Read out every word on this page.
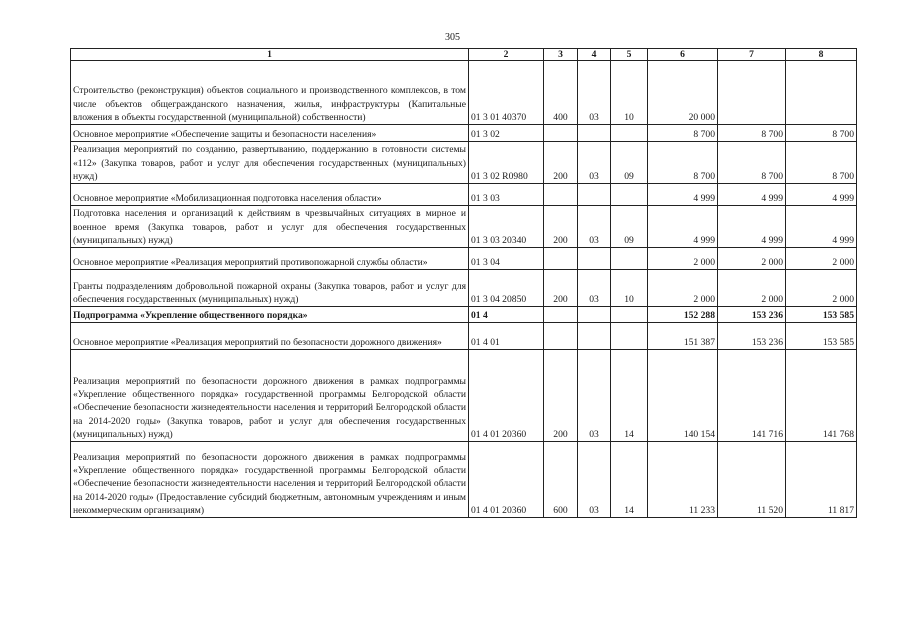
305
1	2	3	4	5	6	7	8
Строительство (реконструкция) объектов социального и производственного комплексов, в том числе объектов общегражданского назначения, жилья, инфраструктуры (Капитальные вложения в объекты государственной (муниципальной) собственности)	01 3 01 40370	400	03	10	20 000		
Основное мероприятие «Обеспечение защиты и безопасности населения»	01 3 02				8 700	8 700	8 700
Реализация мероприятий по созданию, развертыванию, поддержанию в готовности системы «112» (Закупка товаров, работ и услуг для обеспечения государственных (муниципальных) нужд)	01 3 02 R0980	200	03	09	8 700	8 700	8 700
Основное мероприятие «Мобилизационная подготовка населения области»	01 3 03				4 999	4 999	4 999
Подготовка населения и организаций к действиям в чрезвычайных ситуациях в мирное и военное время (Закупка товаров, работ и услуг для обеспечения государственных (муниципальных) нужд)	01 3 03 20340	200	03	09	4 999	4 999	4 999
Основное мероприятие «Реализация мероприятий противопожарной службы области»	01 3 04				2 000	2 000	2 000
Гранты подразделениям добровольной пожарной охраны (Закупка товаров, работ и услуг для обеспечения государственных (муниципальных) нужд)	01 3 04 20850	200	03	10	2 000	2 000	2 000
Подпрограмма «Укрепление общественного порядка»	01 4				152 288	153 236	153 585
Основное мероприятие «Реализация мероприятий по безопасности дорожного движения»	01 4 01				151 387	153 236	153 585
Реализация мероприятий по безопасности дорожного движения в рамках подпрограммы «Укрепление общественного порядка» государственной программы Белгородской области «Обеспечение безопасности жизнедеятельности населения и территорий Белгородской области на 2014-2020 годы» (Закупка товаров, работ и услуг для обеспечения государственных (муниципальных) нужд)	01 4 01 20360	200	03	14	140 154	141 716	141 768
Реализация мероприятий по безопасности дорожного движения в рамках подпрограммы «Укрепление общественного порядка» государственной программы Белгородской области «Обеспечение безопасности жизнедеятельности населения и территорий Белгородской области на 2014-2020 годы» (Предоставление субсидий бюджетным, автономным учреждениям и иным некоммерческим организациям)	01 4 01 20360	600	03	14	11 233	11 520	11 817
